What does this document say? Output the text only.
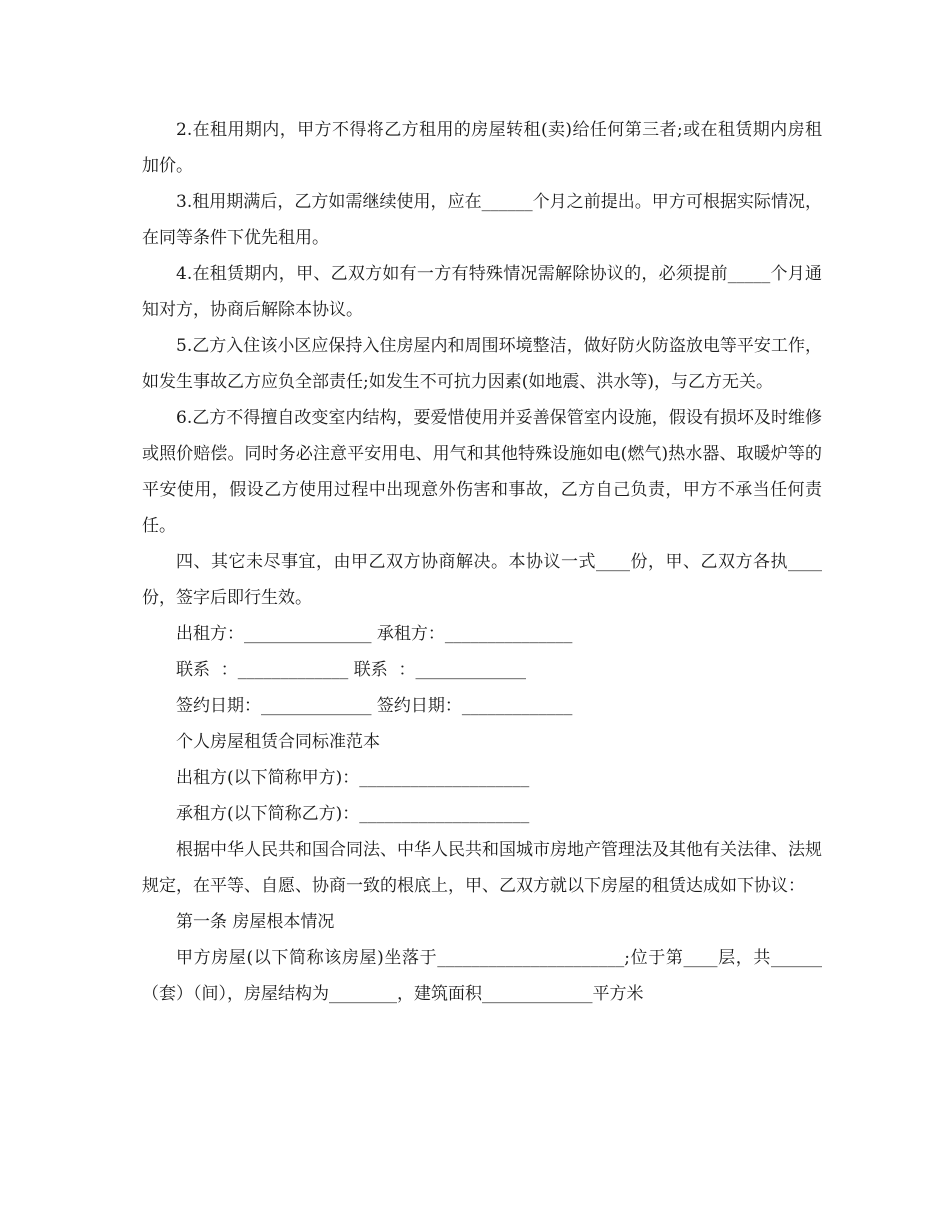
2.在租用期内，甲方不得将乙方租用的房屋转租(卖)给任何第三者;或在租赁期内房租加价。

3.租用期满后，乙方如需继续使用，应在______个月之前提出。甲方可根据实际情况，在同等条件下优先租用。

4.在租赁期内，甲、乙双方如有一方有特殊情况需解除协议的，必须提前_____个月通知对方，协商后解除本协议。

5.乙方入住该小区应保持入住房屋内和周围环境整洁，做好防火防盗放电等平安工作，如发生事故乙方应负全部责任;如发生不可抗力因素(如地震、洪水等)，与乙方无关。

6.乙方不得擅自改变室内结构，要爱惜使用并妥善保管室内设施，假设有损坏及时维修或照价赔偿。同时务必注意平安用电、用气和其他特殊设施如电(燃气)热水器、取暖炉等的平安使用，假设乙方使用过程中出现意外伤害和事故，乙方自己负责，甲方不承当任何责任。

四、其它未尽事宜，由甲乙双方协商解决。本协议一式____份，甲、乙双方各执____份，签字后即行生效。

出租方：_______________ 承租方：_______________

联系  ：_____________ 联系  ：_____________

签约日期：_____________ 签约日期：_____________

个人房屋租赁合同标准范本

出租方(以下简称甲方)：____________________

承租方(以下简称乙方)：____________________

根据中华人民共和国合同法、中华人民共和国城市房地产管理法及其他有关法律、法规规定，在平等、自愿、协商一致的根底上，甲、乙双方就以下房屋的租赁达成如下协议：

第一条 房屋根本情况

甲方房屋(以下简称该房屋)坐落于______________________;位于第____层，共______（套）（间），房屋结构为________，建筑面积_____________平方米
